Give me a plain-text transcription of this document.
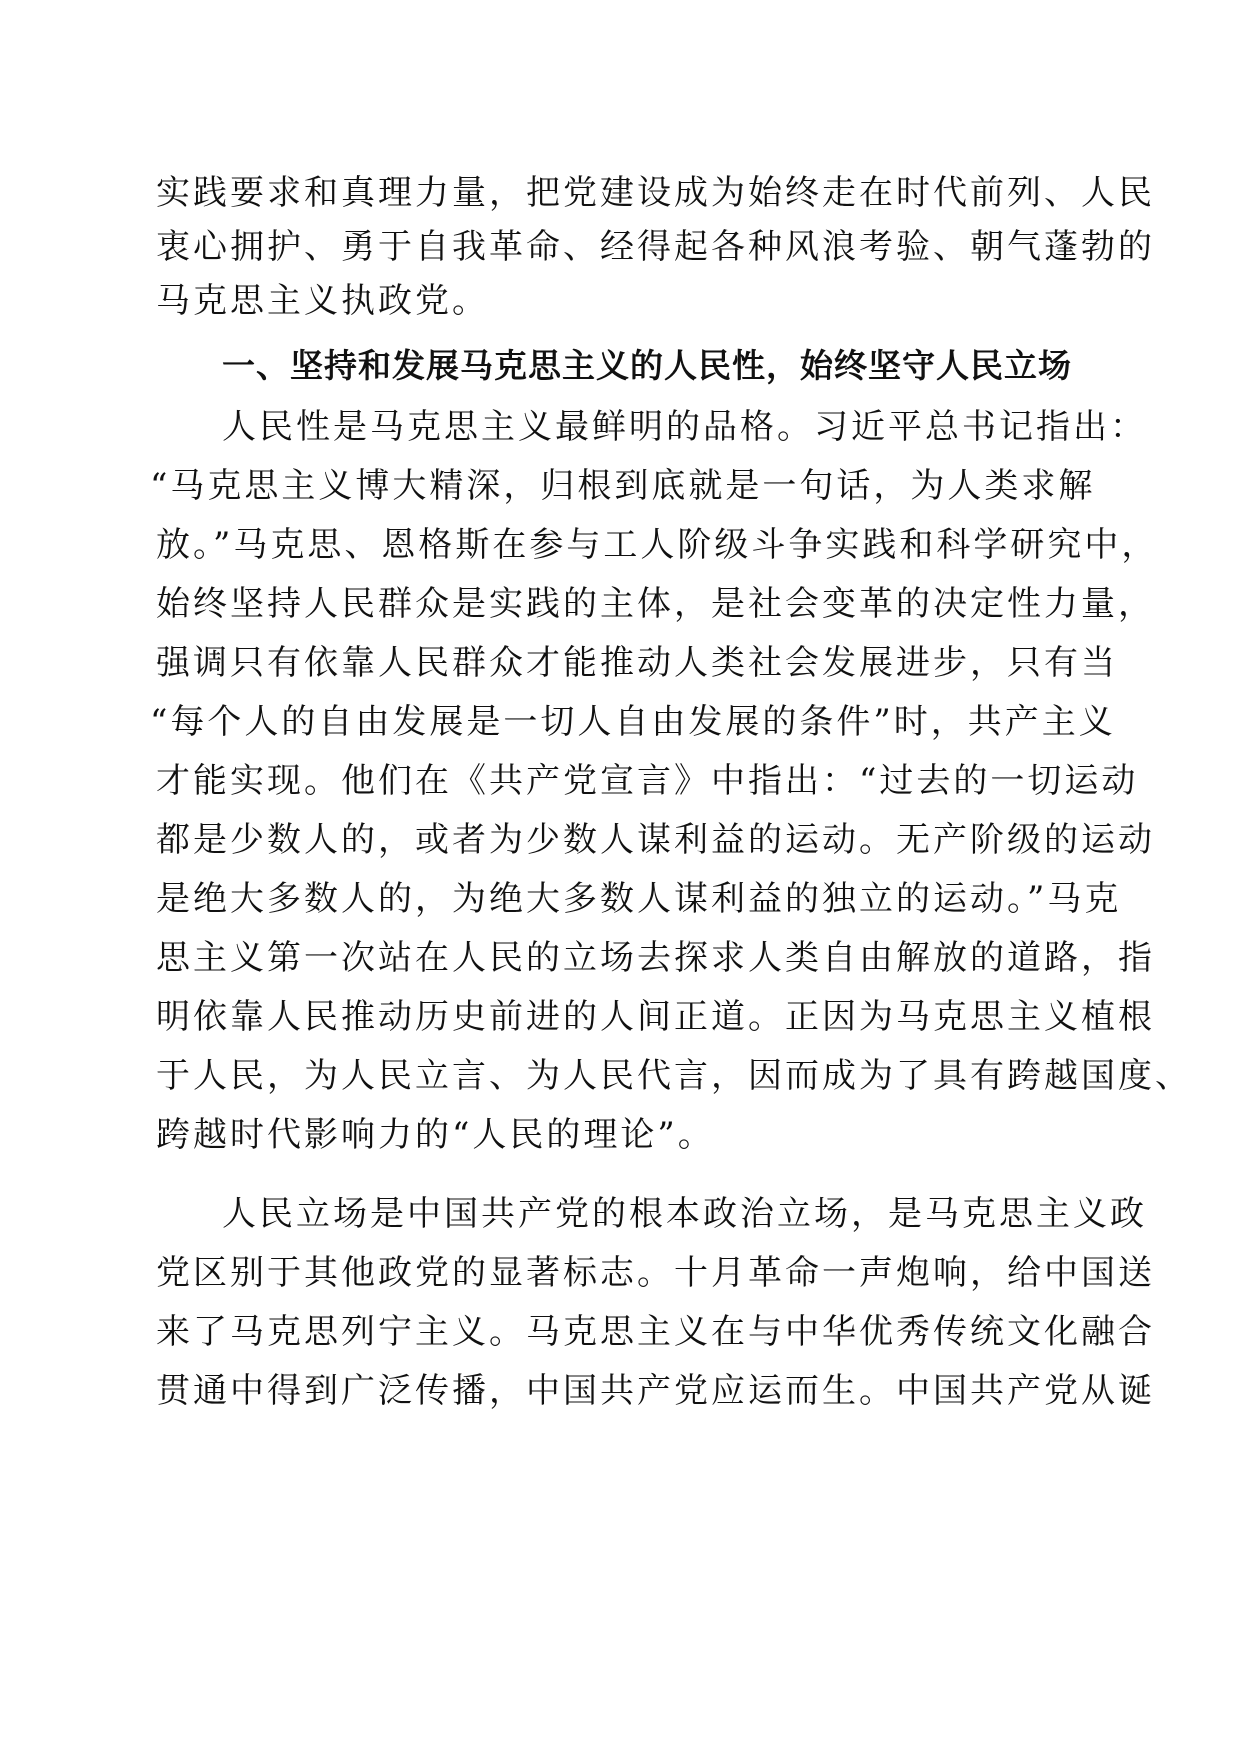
实践要求和真理力量，把党建设成为始终走在时代前列、人民

衷心拥护、勇于自我革命、经得起各种风浪考验、朝气蓬勃的

马克思主义执政党。

一、坚持和发展马克思主义的人民性，始终坚守人民立场

人民性是马克思主义最鲜明的品格。习近平总书记指出：

“马克思主义博大精深，归根到底就是一句话，为人类求解

放。”马克思、恩格斯在参与工人阶级斗争实践和科学研究中，

始终坚持人民群众是实践的主体，是社会变革的决定性力量，

强调只有依靠人民群众才能推动人类社会发展进步，只有当

“每个人的自由发展是一切人自由发展的条件”时，共产主义

才能实现。他们在《共产党宣言》中指出：“过去的一切运动

都是少数人的，或者为少数人谋利益的运动。无产阶级的运动

是绝大多数人的，为绝大多数人谋利益的独立的运动。”马克

思主义第一次站在人民的立场去探求人类自由解放的道路，指

明依靠人民推动历史前进的人间正道。正因为马克思主义植根

于人民，为人民立言、为人民代言，因而成为了具有跨越国度、

跨越时代影响力的“人民的理论”。

人民立场是中国共产党的根本政治立场，是马克思主义政

党区别于其他政党的显著标志。十月革命一声炮响，给中国送

来了马克思列宁主义。马克思主义在与中华优秀传统文化融合

贯通中得到广泛传播，中国共产党应运而生。中国共产党从诞
